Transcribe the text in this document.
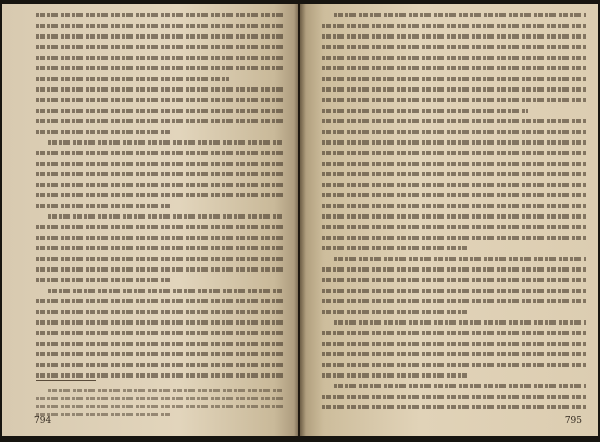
794	795
